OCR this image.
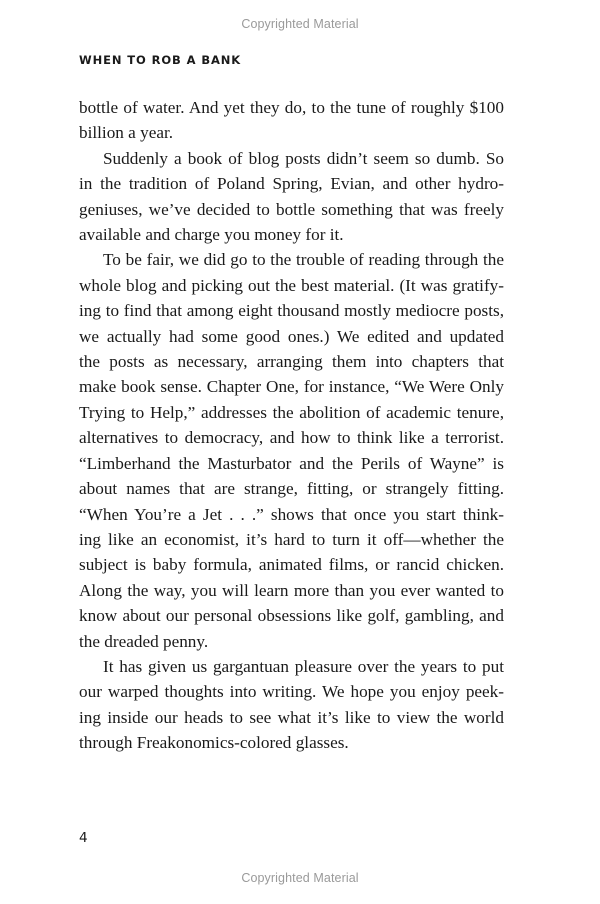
Copyrighted Material
WHEN TO ROB A BANK

bottle of water. And yet they do, to the tune of roughly $100
billion a year.

Suddenly a book of blog posts didn’t seem so dumb. So
in the tradition of Poland Spring, Evian, and other hydro-
geniuses, we’ve decided to bottle something that was freely
available and charge you money for it.

To be fair, we did go to the trouble of reading through the
whole blog and picking out the best material. (It was gratify-
ing to find that among eight thousand mostly mediocre posts,
we actually had some good ones.) We edited and updated
the posts as necessary, arranging them into chapters that
make book sense. Chapter One, for instance, “We Were Only
Trying to Help,” addresses the abolition of academic tenure,
alternatives to democracy, and how to think like a terrorist.
“Limberhand the Masturbator and the Perils of Wayne” is
about names that are strange, fitting, or strangely fitting.
“When You’re a Jet . . .” shows that once you start think-
ing like an economist, it’s hard to turn it off—whether the
subject is baby formula, animated films, or rancid chicken.
Along the way, you will learn more than you ever wanted to
know about our personal obsessions like golf, gambling, and
the dreaded penny.

It has given us gargantuan pleasure over the years to put
our warped thoughts into writing. We hope you enjoy peek-
ing inside our heads to see what it’s like to view the world
through Freakonomics-colored glasses.

4
Copyrighted Material
